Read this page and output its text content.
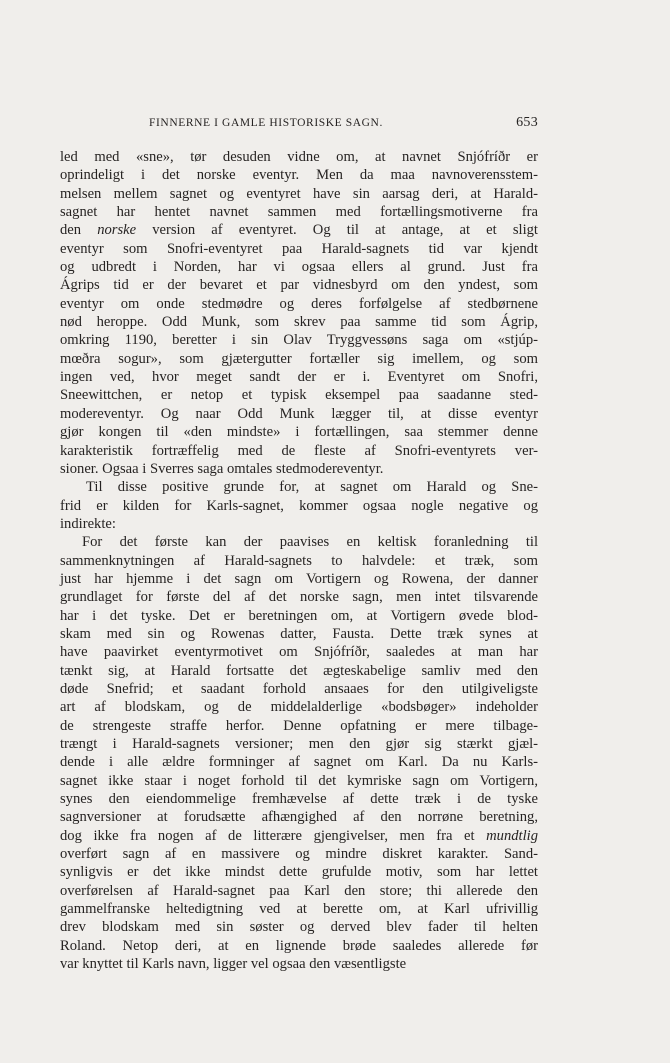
FINNERNE I GAMLE HISTORISKE SAGN.	653
led med «sne», tør desuden vidne om, at navnet Snjófríðr er
oprindeligt i det norske eventyr. Men da maa navnoverensstem-
melsen mellem sagnet og eventyret have sin aarsag deri, at Harald-
sagnet har hentet navnet sammen med fortællingsmotiverne fra
den norske version af eventyret. Og til at antage, at et sligt
eventyr som Snofri-eventyret paa Harald-sagnets tid var kjendt
og udbredt i Norden, har vi ogsaa ellers al grund. Just fra
Ágrips tid er der bevaret et par vidnesbyrd om den yndest, som
eventyr om onde stedmødre og deres forfølgelse af stedbørnene
nød heroppe. Odd Munk, som skrev paa samme tid som Ágrip,
omkring 1190, beretter i sin Olav Tryggvessøns saga om «stjúp-
mœðra sogur», som gjætergutter fortæller sig imellem, og som
ingen ved, hvor meget sandt der er i. Eventyret om Snofri,
Sneewittchen, er netop et typisk eksempel paa saadanne sted-
modereventyr. Og naar Odd Munk lægger til, at disse eventyr
gjør kongen til «den mindste» i fortællingen, saa stemmer denne
karakteristik fortræffelig med de fleste af Snofri-eventyrets ver-
sioner. Ogsaa i Sverres saga omtales stedmodereventyr.
Til disse positive grunde for, at sagnet om Harald og Sne-
frid er kilden for Karls-sagnet, kommer ogsaa nogle negative og
indirekte:
For det første kan der paavises en keltisk foranledning til
sammenknytningen af Harald-sagnets to halvdele: et træk, som
just har hjemme i det sagn om Vortigern og Rowena, der danner
grundlaget for første del af det norske sagn, men intet tilsvarende
har i det tyske. Det er beretningen om, at Vortigern øvede blod-
skam med sin og Rowenas datter, Fausta. Dette træk synes at
have paavirket eventyrmotivet om Snjófríðr, saaledes at man har
tænkt sig, at Harald fortsatte det ægteskabelige samliv med den
døde Snefrid; et saadant forhold ansaaes for den utilgiveligste
art af blodskam, og de middelalderlige «bodsbøger» indeholder
de strengeste straffe herfor. Denne opfatning er mere tilbage-
trængt i Harald-sagnets versioner; men den gjør sig stærkt gjæl-
dende i alle ældre formninger af sagnet om Karl. Da nu Karls-
sagnet ikke staar i noget forhold til det kymriske sagn om Vortigern,
synes den eiendommelige fremhævelse af dette træk i de tyske
sagnversioner at forudsætte afhængighed af den norrøne beretning,
dog ikke fra nogen af de litterære gjengivelser, men fra et mundtlig
overført sagn af en massivere og mindre diskret karakter. Sand-
synligvis er det ikke mindst dette grufulde motiv, som har lettet
overførelsen af Harald-sagnet paa Karl den store; thi allerede den
gammelfranske heltedigtning ved at berette om, at Karl ufrivillig
drev blodskam med sin søster og derved blev fader til helten
Roland. Netop deri, at en lignende brøde saaledes allerede før
var knyttet til Karls navn, ligger vel ogsaa den væsentligste
